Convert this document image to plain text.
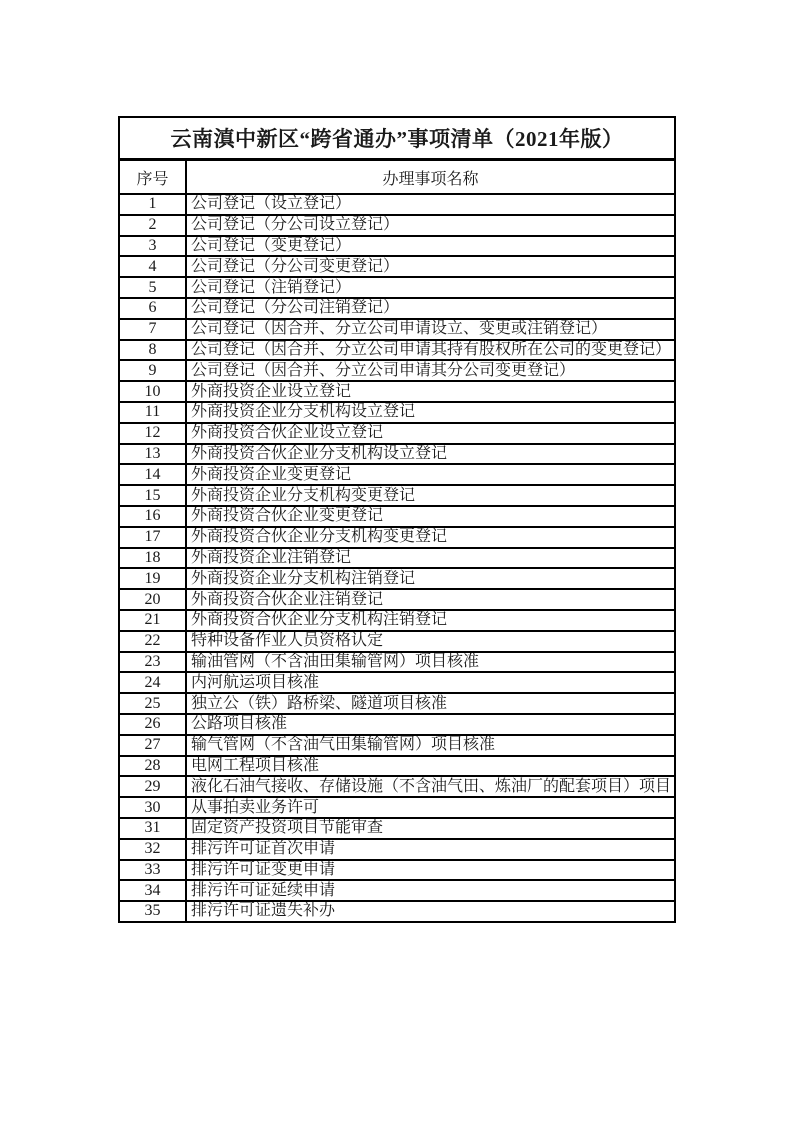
云南滇中新区“跨省通办”事项清单（2021年版）	
序号	办理事项名称
1	公司登记（设立登记）
2	公司登记（分公司设立登记）
3	公司登记（变更登记）
4	公司登记（分公司变更登记）
5	公司登记（注销登记）
6	公司登记（分公司注销登记）
7	公司登记（因合并、分立公司申请设立、变更或注销登记）
8	公司登记（因合并、分立公司申请其持有股权所在公司的变更登记）
9	公司登记（因合并、分立公司申请其分公司变更登记）
10	外商投资企业设立登记
11	外商投资企业分支机构设立登记
12	外商投资合伙企业设立登记
13	外商投资合伙企业分支机构设立登记
14	外商投资企业变更登记
15	外商投资企业分支机构变更登记
16	外商投资合伙企业变更登记
17	外商投资合伙企业分支机构变更登记
18	外商投资企业注销登记
19	外商投资企业分支机构注销登记
20	外商投资合伙企业注销登记
21	外商投资合伙企业分支机构注销登记
22	特种设备作业人员资格认定
23	输油管网（不含油田集输管网）项目核准
24	内河航运项目核准
25	独立公（铁）路桥梁、隧道项目核准
26	公路项目核准
27	输气管网（不含油气田集输管网）项目核准
28	电网工程项目核准
29	液化石油气接收、存储设施（不含油气田、炼油厂的配套项目）项目
30	从事拍卖业务许可
31	固定资产投资项目节能审查
32	排污许可证首次申请
33	排污许可证变更申请
34	排污许可证延续申请
35	排污许可证遗失补办
